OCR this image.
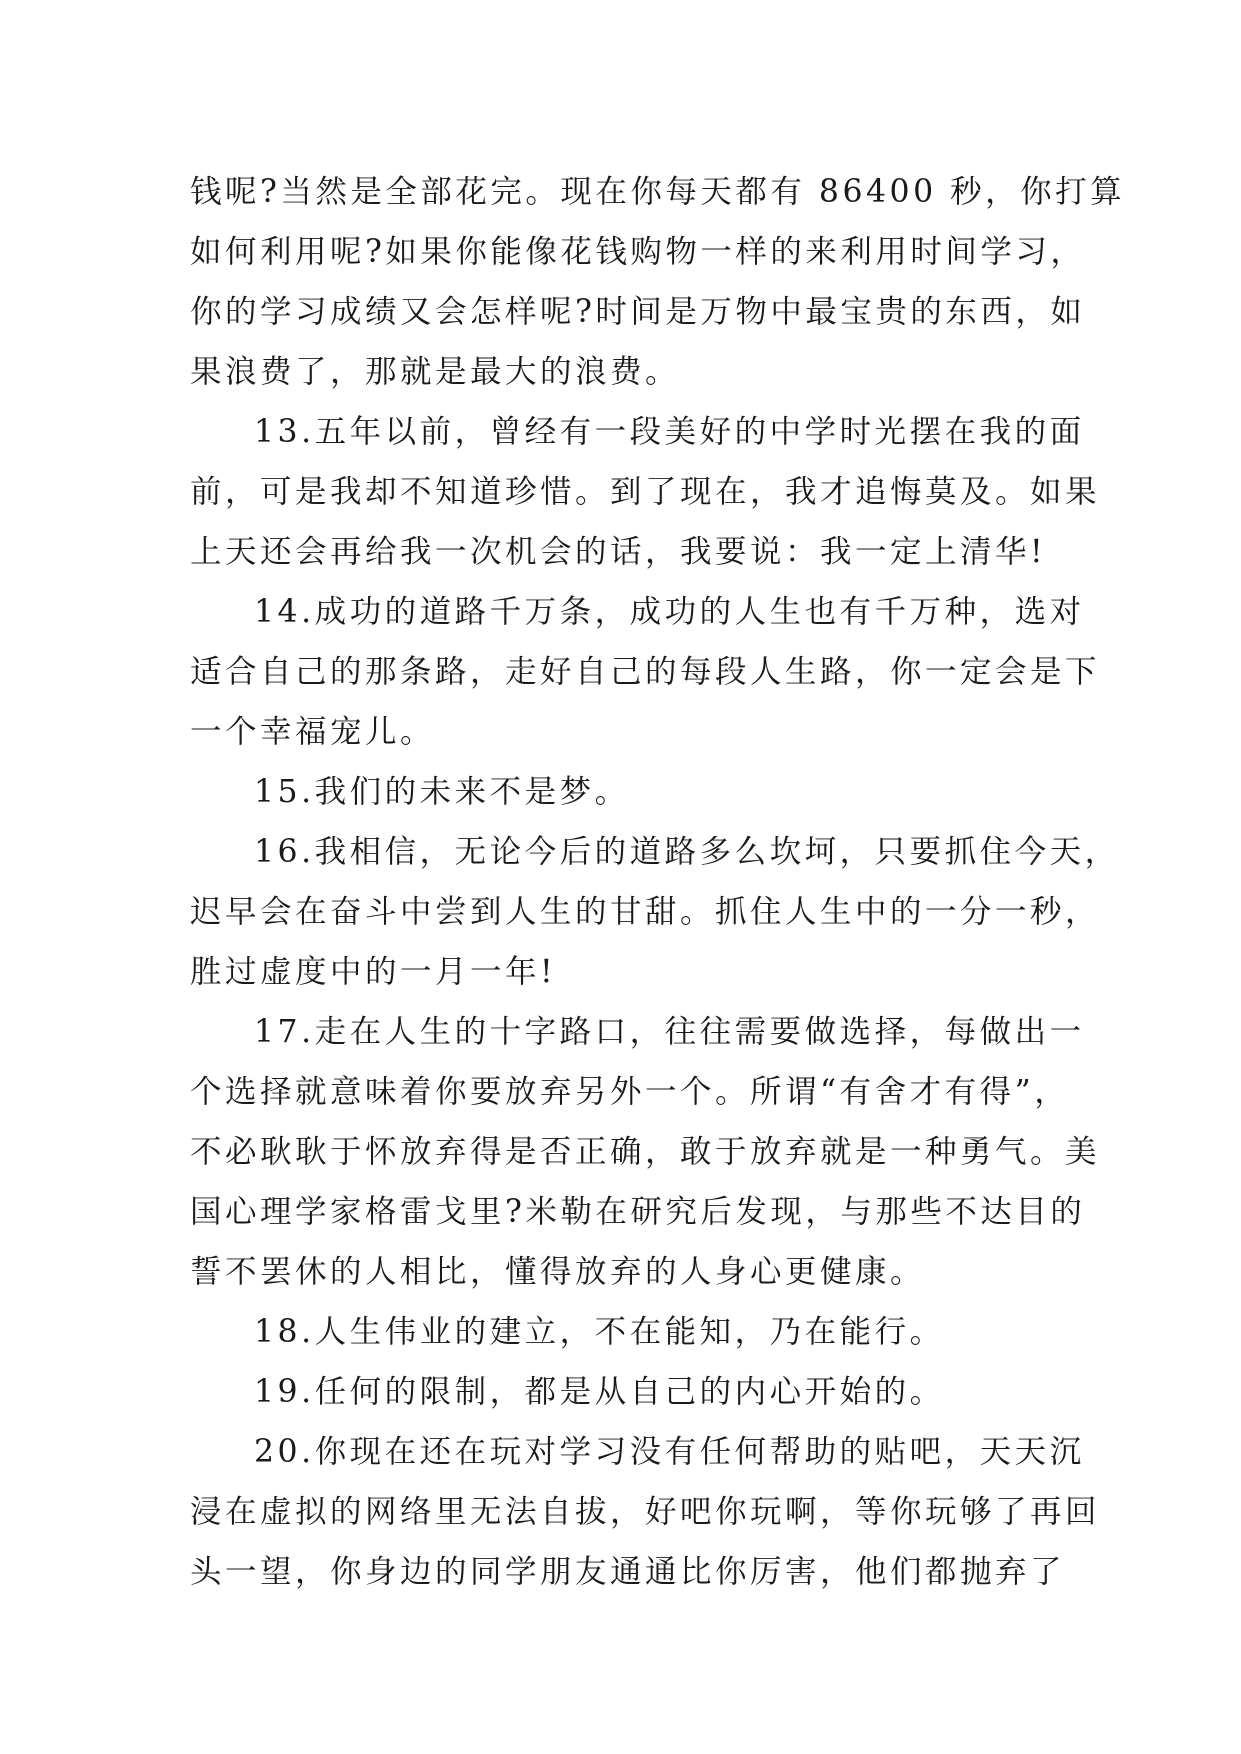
钱呢?当然是全部花完。现在你每天都有 86400 秒，你打算
如何利用呢?如果你能像花钱购物一样的来利用时间学习，
你的学习成绩又会怎样呢?时间是万物中最宝贵的东西，如
果浪费了，那就是最大的浪费。

13.五年以前，曾经有一段美好的中学时光摆在我的面
前，可是我却不知道珍惜。到了现在，我才追悔莫及。如果
上天还会再给我一次机会的话，我要说：我一定上清华!

14.成功的道路千万条，成功的人生也有千万种，选对
适合自己的那条路，走好自己的每段人生路，你一定会是下
一个幸福宠儿。

15.我们的未来不是梦。

16.我相信，无论今后的道路多么坎坷，只要抓住今天，
迟早会在奋斗中尝到人生的甘甜。抓住人生中的一分一秒，
胜过虚度中的一月一年!

17.走在人生的十字路口，往往需要做选择，每做出一
个选择就意味着你要放弃另外一个。所谓“有舍才有得”，
不必耿耿于怀放弃得是否正确，敢于放弃就是一种勇气。美
国心理学家格雷戈里?米勒在研究后发现，与那些不达目的
誓不罢休的人相比，懂得放弃的人身心更健康。

18.人生伟业的建立，不在能知，乃在能行。

19.任何的限制，都是从自己的内心开始的。

20.你现在还在玩对学习没有任何帮助的贴吧，天天沉
浸在虚拟的网络里无法自拔，好吧你玩啊，等你玩够了再回
头一望，你身边的同学朋友通通比你厉害，他们都抛弃了
